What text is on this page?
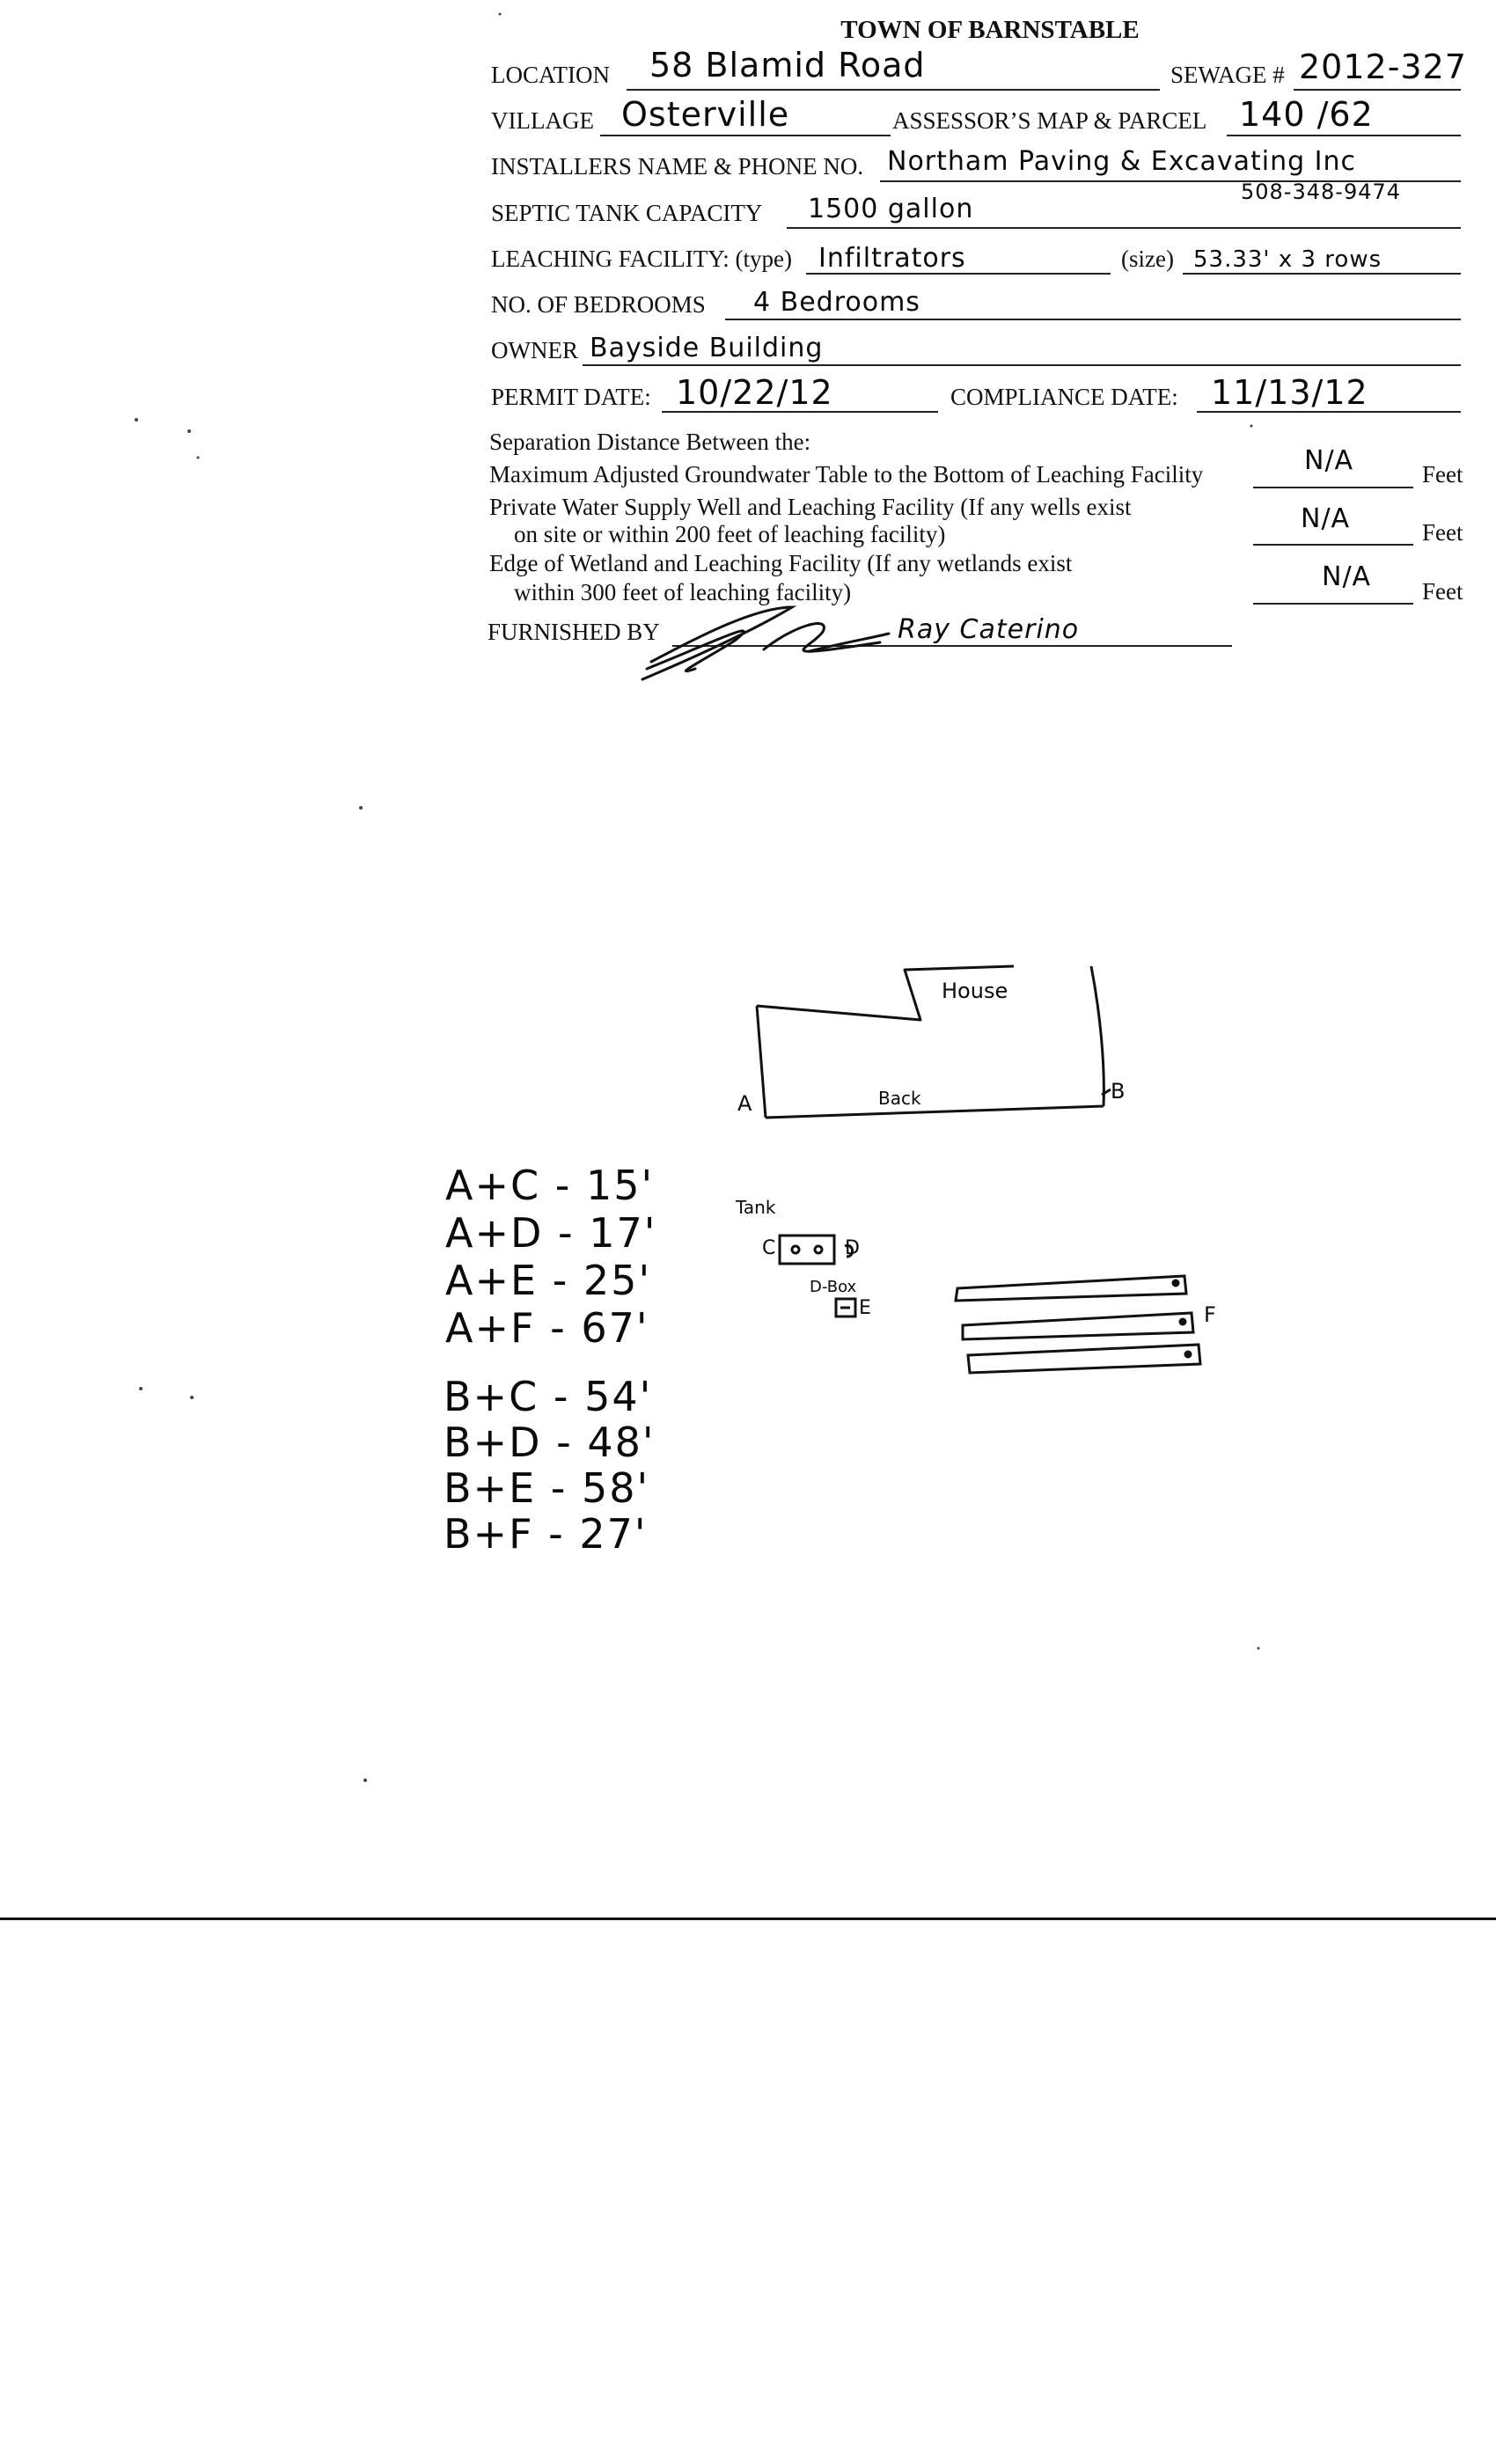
TOWN OF BARNSTABLE
LOCATION 58 Blamid Road	SEWAGE # 2012-327
VILLAGE Osterville	ASSESSOR’S MAP & PARCEL 140 /62
INSTALLERS NAME & PHONE NO. Northam Paving & Excavating Inc
508-348-9474
SEPTIC TANK CAPACITY 1500 gallon
LEACHING FACILITY: (type) Infiltrators	(size) 53.33' x 3 rows
NO. OF BEDROOMS 4 Bedrooms
OWNER Bayside Building
PERMIT DATE: 10/22/12	COMPLIANCE DATE: 11/13/12
Separation Distance Between the:
Maximum Adjusted Groundwater Table to the Bottom of Leaching Facility	N/A	Feet
Private Water Supply Well and Leaching Facility (If any wells exist
on site or within 200 feet of leaching facility)	N/A	Feet
Edge of Wetland and Leaching Facility (If any wetlands exist
within 300 feet of leaching facility)	N/A Feet
FURNISHED BY	Ray Caterino
House
Back
A	B
Tank
C	D
D-Box
E	F
A+C - 15'
A+D - 17'
A+E - 25'
A+F - 67'
B+C - 54'
B+D - 48'
B+E - 58'
B+F - 27'
